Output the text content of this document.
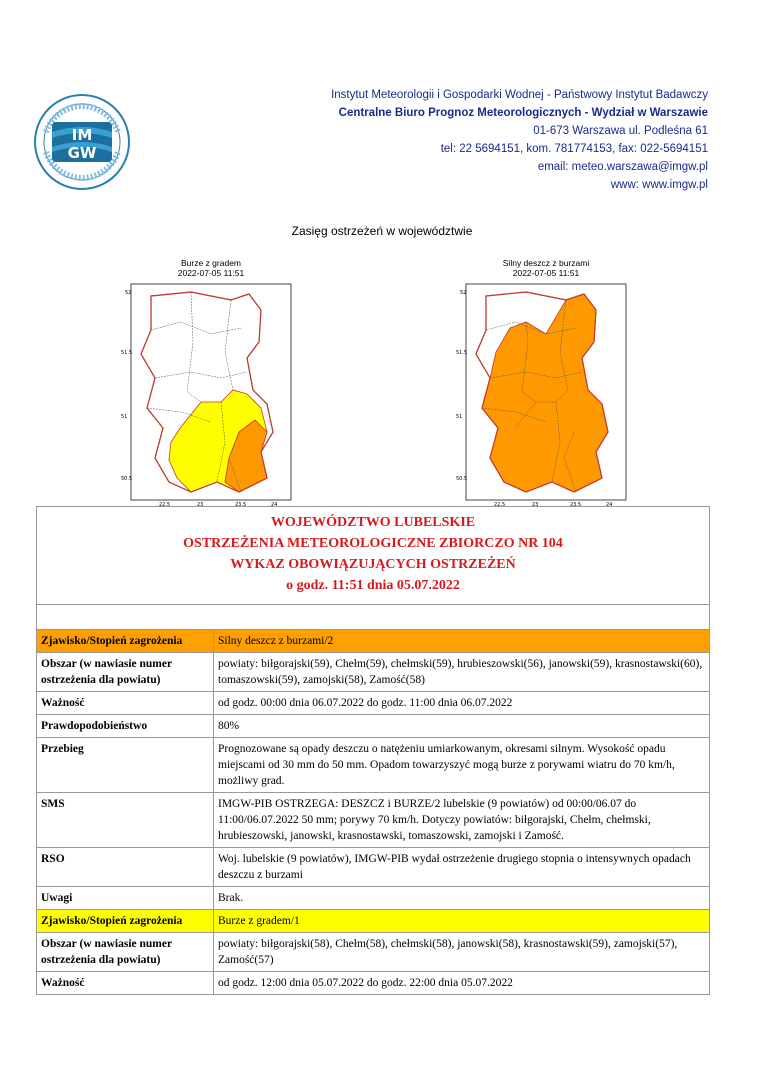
IM
GW
Instytut Meteorologii i Gospodarki Wodnej - Państwowy Instytut Badawczy
Centralne Biuro Prognoz Meteorologicznych - Wydział w Warszawie
01-673 Warszawa ul. Podleśna 61
tel: 22 5694151, kom. 781774153, fax: 022-5694151
email: meteo.warszawa@imgw.pl
www: www.imgw.pl
Zasięg ostrzeżeń w województwie
Burze z gradem
2022-07-05 11:51
52
51.5
51
50.5
22.5	23	23.5	24
Silny deszcz z burzami
2022-07-05 11:51
52
51.5
51
50.5
22.5	23	23.5	24
WOJEWÓDZTWO LUBELSKIE
OSTRZEŻENIA METEOROLOGICZNE ZBIORCZO NR 104
WYKAZ OBOWIĄZUJĄCYCH OSTRZEŻEŃ
o godz. 11:51 dnia 05.07.2022	

Zjawisko/Stopień zagrożenia	Silny deszcz z burzami/2
Obszar (w nawiasie numer ostrzeżenia dla powiatu)	powiaty: biłgorajski(59), Chełm(59), chełmski(59), hrubieszowski(56), janowski(59), krasnostawski(60), tomaszowski(59), zamojski(58), Zamość(58)
Ważność	od godz. 00:00 dnia 06.07.2022 do godz. 11:00 dnia 06.07.2022
Prawdopodobieństwo	80%
Przebieg	Prognozowane są opady deszczu o natężeniu umiarkowanym, okresami silnym. Wysokość opadu miejscami od 30 mm do 50 mm. Opadom towarzyszyć mogą burze z porywami wiatru do 70 km/h, możliwy grad.
SMS	IMGW-PIB OSTRZEGA: DESZCZ i BURZE/2 lubelskie (9 powiatów) od 00:00/06.07 do 11:00/06.07.2022 50 mm; porywy 70 km/h. Dotyczy powiatów: biłgorajski, Chełm, chełmski, hrubieszowski, janowski, krasnostawski, tomaszowski, zamojski i Zamość.
RSO	Woj. lubelskie (9 powiatów), IMGW-PIB wydał ostrzeżenie drugiego stopnia o intensywnych opadach deszczu z burzami
Uwagi	Brak.
Zjawisko/Stopień zagrożenia	Burze z gradem/1
Obszar (w nawiasie numer ostrzeżenia dla powiatu)	powiaty: biłgorajski(58), Chełm(58), chełmski(58), janowski(58), krasnostawski(59), zamojski(57), Zamość(57)
Ważność	od godz. 12:00 dnia 05.07.2022 do godz. 22:00 dnia 05.07.2022
